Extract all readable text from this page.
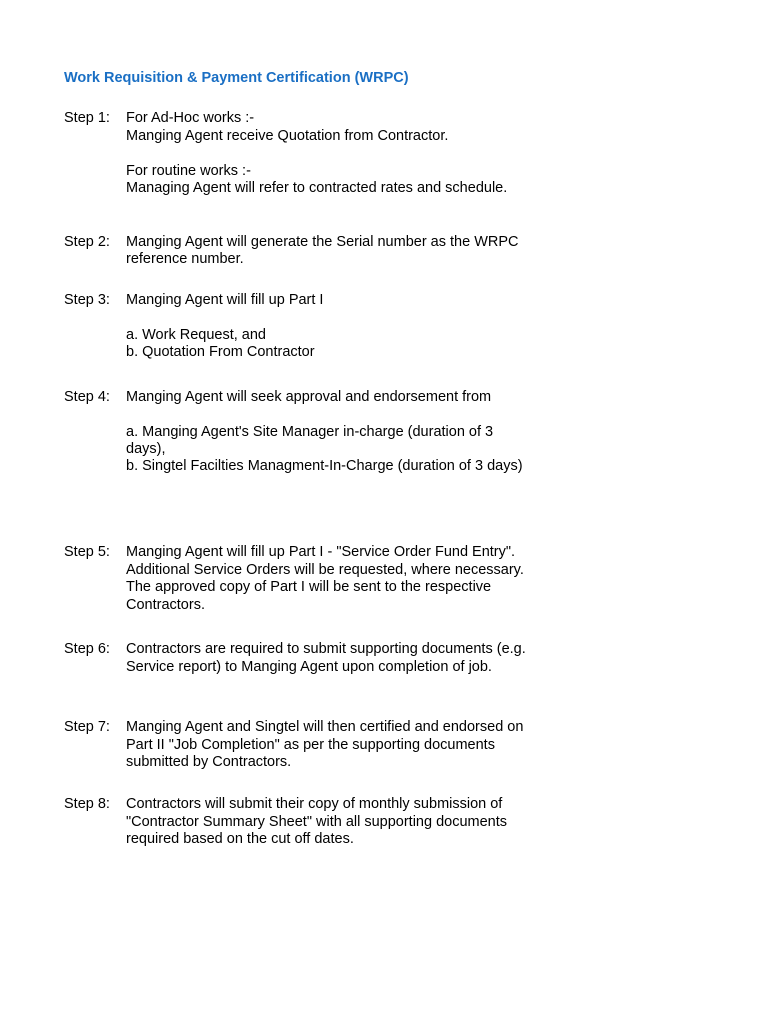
Work Requisition & Payment Certification (WRPC)
Step 1: For Ad-Hoc works :-
Manging Agent receive Quotation from Contractor.
For routine works :-
Managing Agent will refer to contracted rates and schedule.
Step 2: Manging Agent will generate the Serial number as the WRPC
reference number.
Step 3: Manging Agent will fill up Part I
a. Work Request, and
b. Quotation From Contractor
Step 4: Manging Agent will seek approval and endorsement from
a. Manging Agent's Site Manager in-charge (duration of 3
days),
b. Singtel Facilties Managment-In-Charge (duration of 3 days)
Step 5: Manging Agent will fill up Part I - "Service Order Fund Entry".
Additional Service Orders will be requested, where necessary.
The approved copy of Part I will be sent to the respective
Contractors.
Step 6: Contractors are required to submit supporting documents (e.g.
Service report) to Manging Agent upon completion of job.
Step 7: Manging Agent and Singtel will then certified and endorsed on
Part II "Job Completion" as per the supporting documents
submitted by Contractors.
Step 8: Contractors will submit their copy of monthly submission of
"Contractor Summary Sheet" with all supporting documents
required based on the cut off dates.
